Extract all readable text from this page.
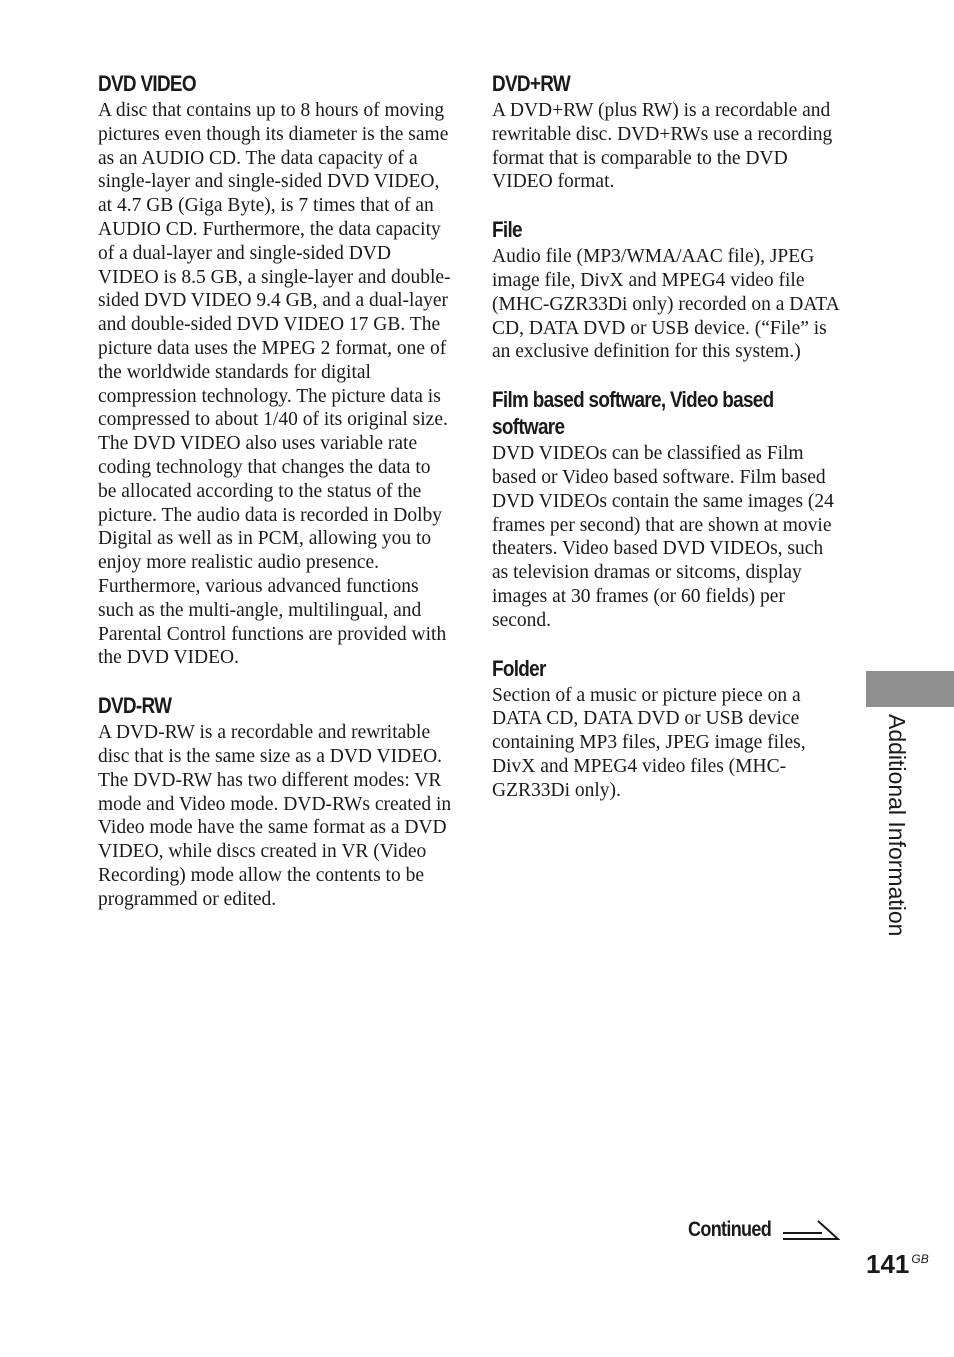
DVD VIDEO

A disc that contains up to 8 hours of moving pictures even though its diameter is the same as an AUDIO CD. The data capacity of a single-layer and single-sided DVD VIDEO, at 4.7 GB (Giga Byte), is 7 times that of an AUDIO CD. Furthermore, the data capacity of a dual-layer and single-sided DVD VIDEO is 8.5 GB, a single-layer and double-sided DVD VIDEO 9.4 GB, and a dual-layer and double-sided DVD VIDEO 17 GB. The picture data uses the MPEG 2 format, one of the worldwide standards for digital compression technology. The picture data is compressed to about 1/40 of its original size. The DVD VIDEO also uses variable rate coding technology that changes the data to be allocated according to the status of the picture. The audio data is recorded in Dolby Digital as well as in PCM, allowing you to enjoy more realistic audio presence. Furthermore, various advanced functions such as the multi-angle, multilingual, and Parental Control functions are provided with the DVD VIDEO.

DVD-RW

A DVD-RW is a recordable and rewritable disc that is the same size as a DVD VIDEO. The DVD-RW has two different modes: VR mode and Video mode. DVD-RWs created in Video mode have the same format as a DVD VIDEO, while discs created in VR (Video Recording) mode allow the contents to be programmed or edited.

DVD+RW

A DVD+RW (plus RW) is a recordable and rewritable disc. DVD+RWs use a recording format that is comparable to the DVD VIDEO format.

File

Audio file (MP3/WMA/AAC file), JPEG image file, DivX and MPEG4 video file (MHC-GZR33Di only) recorded on a DATA CD, DATA DVD or USB device. (“File” is an exclusive definition for this system.)

Film based software, Video based software

DVD VIDEOs can be classified as Film based or Video based software. Film based DVD VIDEOs contain the same images (24 frames per second) that are shown at movie theaters. Video based DVD VIDEOs, such as television dramas or sitcoms, display images at 30 frames (or 60 fields) per second.

Folder

Section of a music or picture piece on a DATA CD, DATA DVD or USB device containing MP3 files, JPEG image files, DivX and MPEG4 video files (MHC-GZR33Di only).	Additional Information
Continued
141 GB
